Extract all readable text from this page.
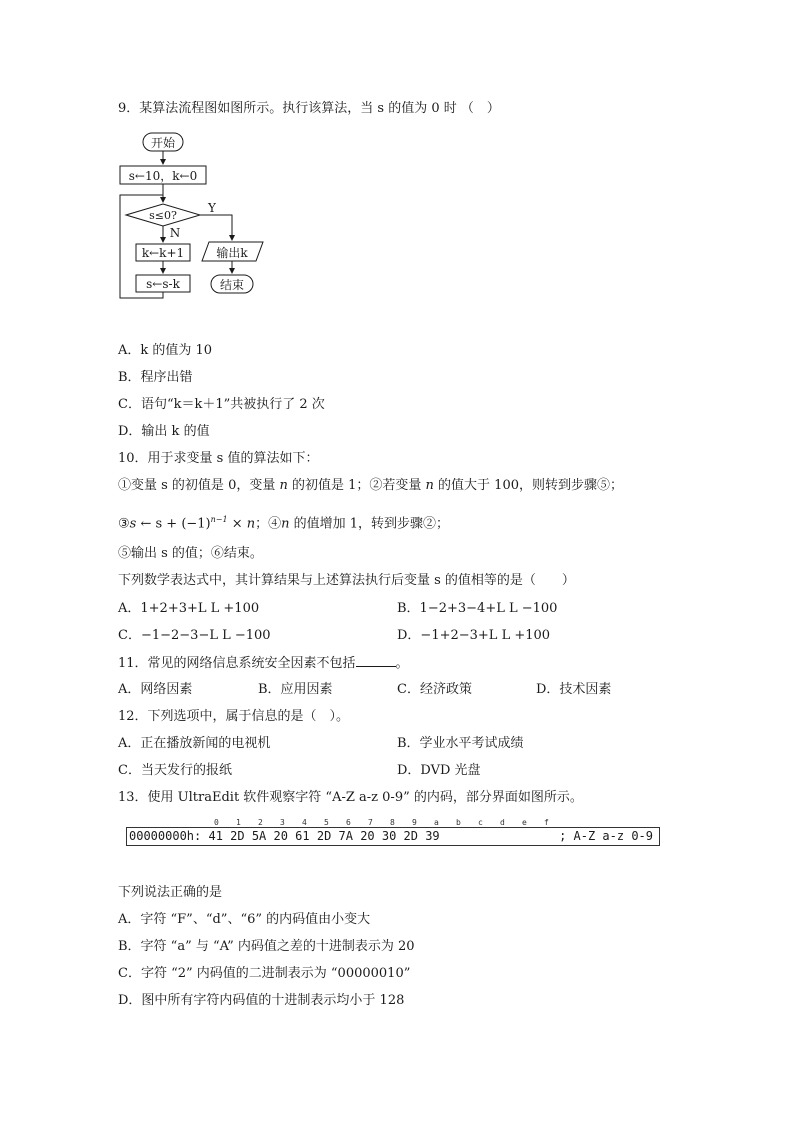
9．某算法流程图如图所示。执行该算法，当 s 的值为 0 时 （　）
开始
s←10，k←0
s≤0?
Y
N
k←k+1
s←s-k
输出k
结束
A．k 的值为 10
B．程序出错
C．语句“k＝k＋1”共被执行了 2 次
D．输出 k 的值
10．用于求变量 s 值的算法如下：
①变量 s 的初值是 0，变量 n 的初值是 1；②若变量 n 的值大于 100，则转到步骤⑤；
③s ← $s + (-1)^{n-1} \times n$；④n 的值增加 1，转到步骤②；
⑤输出 s 的值；⑥结束。
下列数学表达式中，其计算结果与上述算法执行后变量 s 的值相等的是（　　）
A．1+2+3+L L +100	B．1−2+3−4+L L −100
C．−1−2−3−L L −100	D．−1+2−3+L L +100
11．常见的网络信息系统安全因素不包括	。
A．网络因素	B．应用因素	C．经济政策	D．技术因素
12．下列选项中，属于信息的是（　）。
A．正在播放新闻的电视机	B．学业水平考试成绩
C．当天发行的报纸	D．DVD 光盘
13．使用 UltraEdit 软件观察字符 “A-Z a-z 0-9” 的内码，部分界面如图所示。
0 1 2 3 4 5 6 7 8 9 a b c d e f
00000000h: 41 2D 5A 20 61 2D 7A 20 30 2D 39	; A-Z a-z 0-9
下列说法正确的是
A．字符 “F”、“d”、“6” 的内码值由小变大
B．字符 “a” 与 “A” 内码值之差的十进制表示为 20
C．字符 “2” 内码值的二进制表示为 “00000010”
D．图中所有字符内码值的十进制表示均小于 128
